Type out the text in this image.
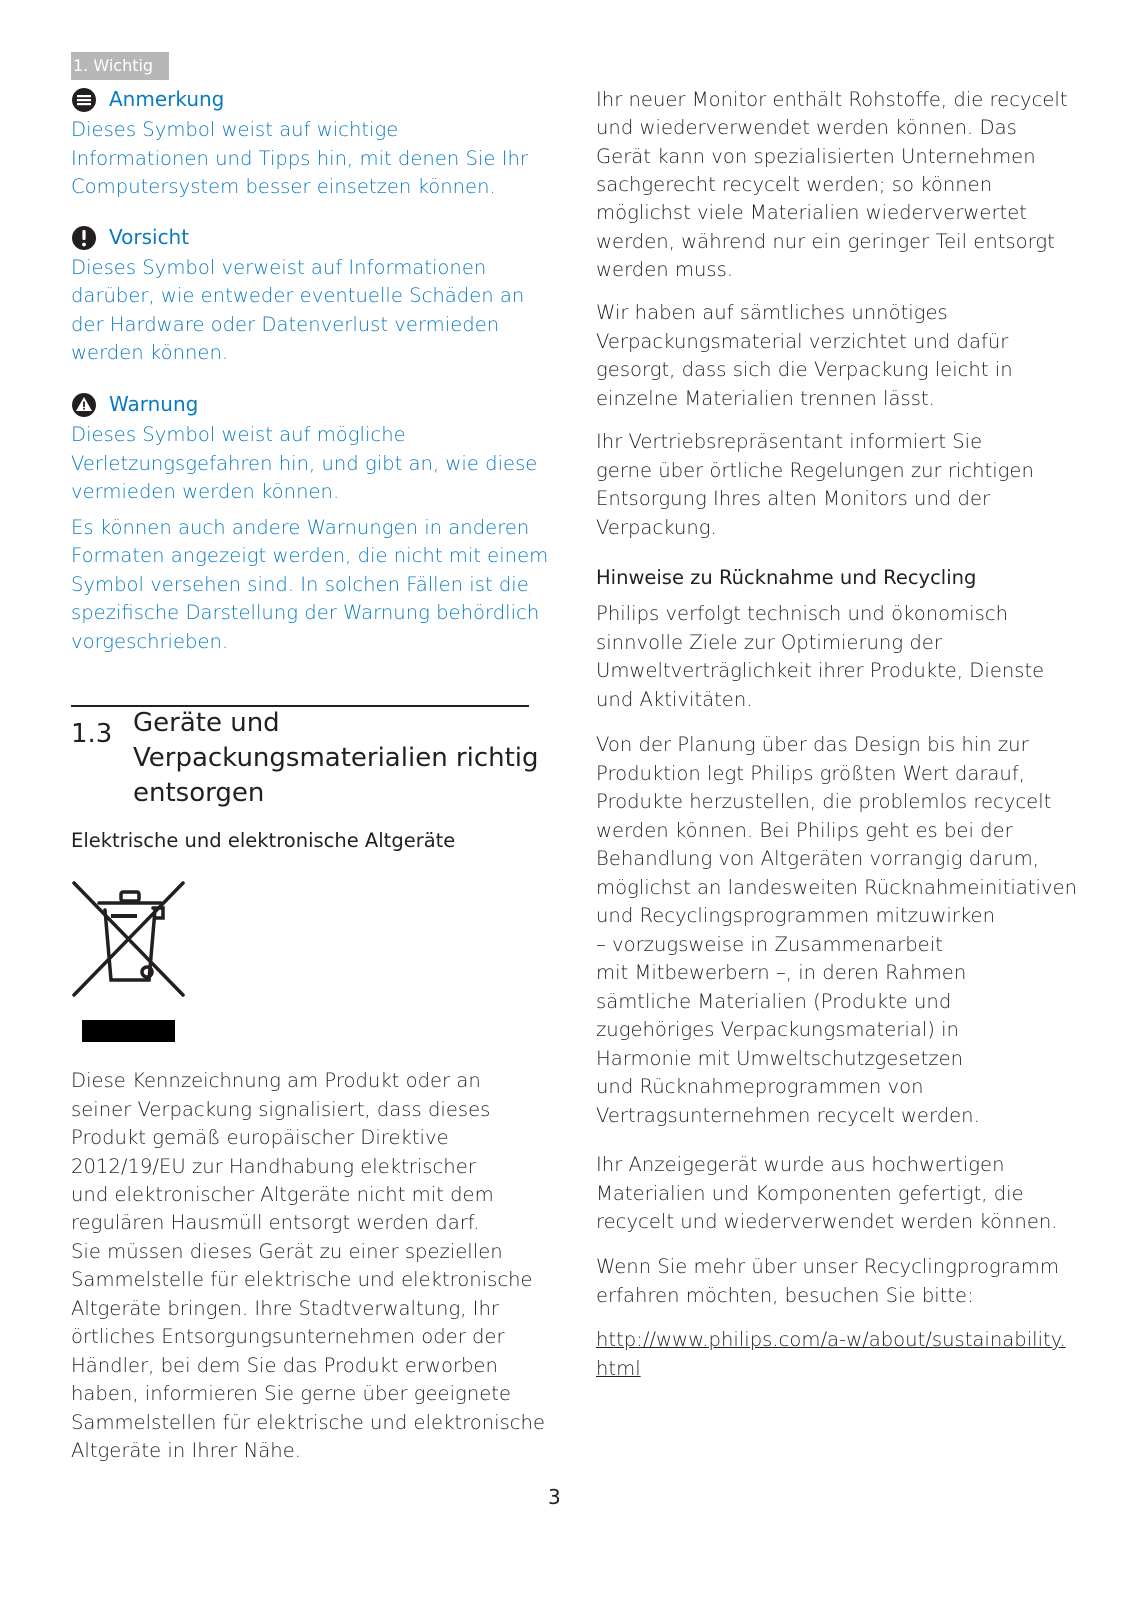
1. Wichtig
Anmerkung

Dieses Symbol weist auf wichtige

Informationen und Tipps hin, mit denen Sie Ihr

Computersystem besser einsetzen können.

Vorsicht

Dieses Symbol verweist auf Informationen

darüber, wie entweder eventuelle Schäden an

der Hardware oder Datenverlust vermieden

werden können.

Warnung

Dieses Symbol weist auf mögliche

Verletzungsgefahren hin, und gibt an, wie diese

vermieden werden können.

Es können auch andere Warnungen in anderen

Formaten angezeigt werden, die nicht mit einem

Symbol versehen sind. In solchen Fällen ist die

spezifische Darstellung der Warnung behördlich

vorgeschrieben.

1.3 Geräte und
Verpackungsmaterialien richtig
entsorgen
Elektrische und elektronische Altgeräte

Diese Kennzeichnung am Produkt oder an

seiner Verpackung signalisiert, dass dieses

Produkt gemäß europäischer Direktive

2012/19/EU zur Handhabung elektrischer

und elektronischer Altgeräte nicht mit dem

regulären Hausmüll entsorgt werden darf.

Sie müssen dieses Gerät zu einer speziellen

Sammelstelle für elektrische und elektronische

Altgeräte bringen. Ihre Stadtverwaltung, Ihr

örtliches Entsorgungsunternehmen oder der

Händler, bei dem Sie das Produkt erworben

haben, informieren Sie gerne über geeignete

Sammelstellen für elektrische und elektronische

Altgeräte in Ihrer Nähe.

Ihr neuer Monitor enthält Rohstoffe, die recycelt

und wiederverwendet werden können. Das

Gerät kann von spezialisierten Unternehmen

sachgerecht recycelt werden; so können

möglichst viele Materialien wiederverwertet

werden, während nur ein geringer Teil entsorgt

werden muss.

Wir haben auf sämtliches unnötiges

Verpackungsmaterial verzichtet und dafür

gesorgt, dass sich die Verpackung leicht in

einzelne Materialien trennen lässt.

Ihr Vertriebsrepräsentant informiert Sie

gerne über örtliche Regelungen zur richtigen

Entsorgung Ihres alten Monitors und der

Verpackung.

Hinweise zu Rücknahme und Recycling

Philips verfolgt technisch und ökonomisch

sinnvolle Ziele zur Optimierung der

Umweltverträglichkeit ihrer Produkte, Dienste

und Aktivitäten.

Von der Planung über das Design bis hin zur

Produktion legt Philips größten Wert darauf,

Produkte herzustellen, die problemlos recycelt

werden können. Bei Philips geht es bei der

Behandlung von Altgeräten vorrangig darum,

möglichst an landesweiten Rücknahmeinitiativen

und Recyclingsprogrammen mitzuwirken

– vorzugsweise in Zusammenarbeit

mit Mitbewerbern –, in deren Rahmen

sämtliche Materialien (Produkte und

zugehöriges Verpackungsmaterial) in

Harmonie mit Umweltschutzgesetzen

und Rücknahmeprogrammen von

Vertragsunternehmen recycelt werden.

Ihr Anzeigegerät wurde aus hochwertigen

Materialien und Komponenten gefertigt, die

recycelt und wiederverwendet werden können.

Wenn Sie mehr über unser Recyclingprogramm

erfahren möchten, besuchen Sie bitte:

http://www.philips.com/a-w/about/sustainability.

html

3
